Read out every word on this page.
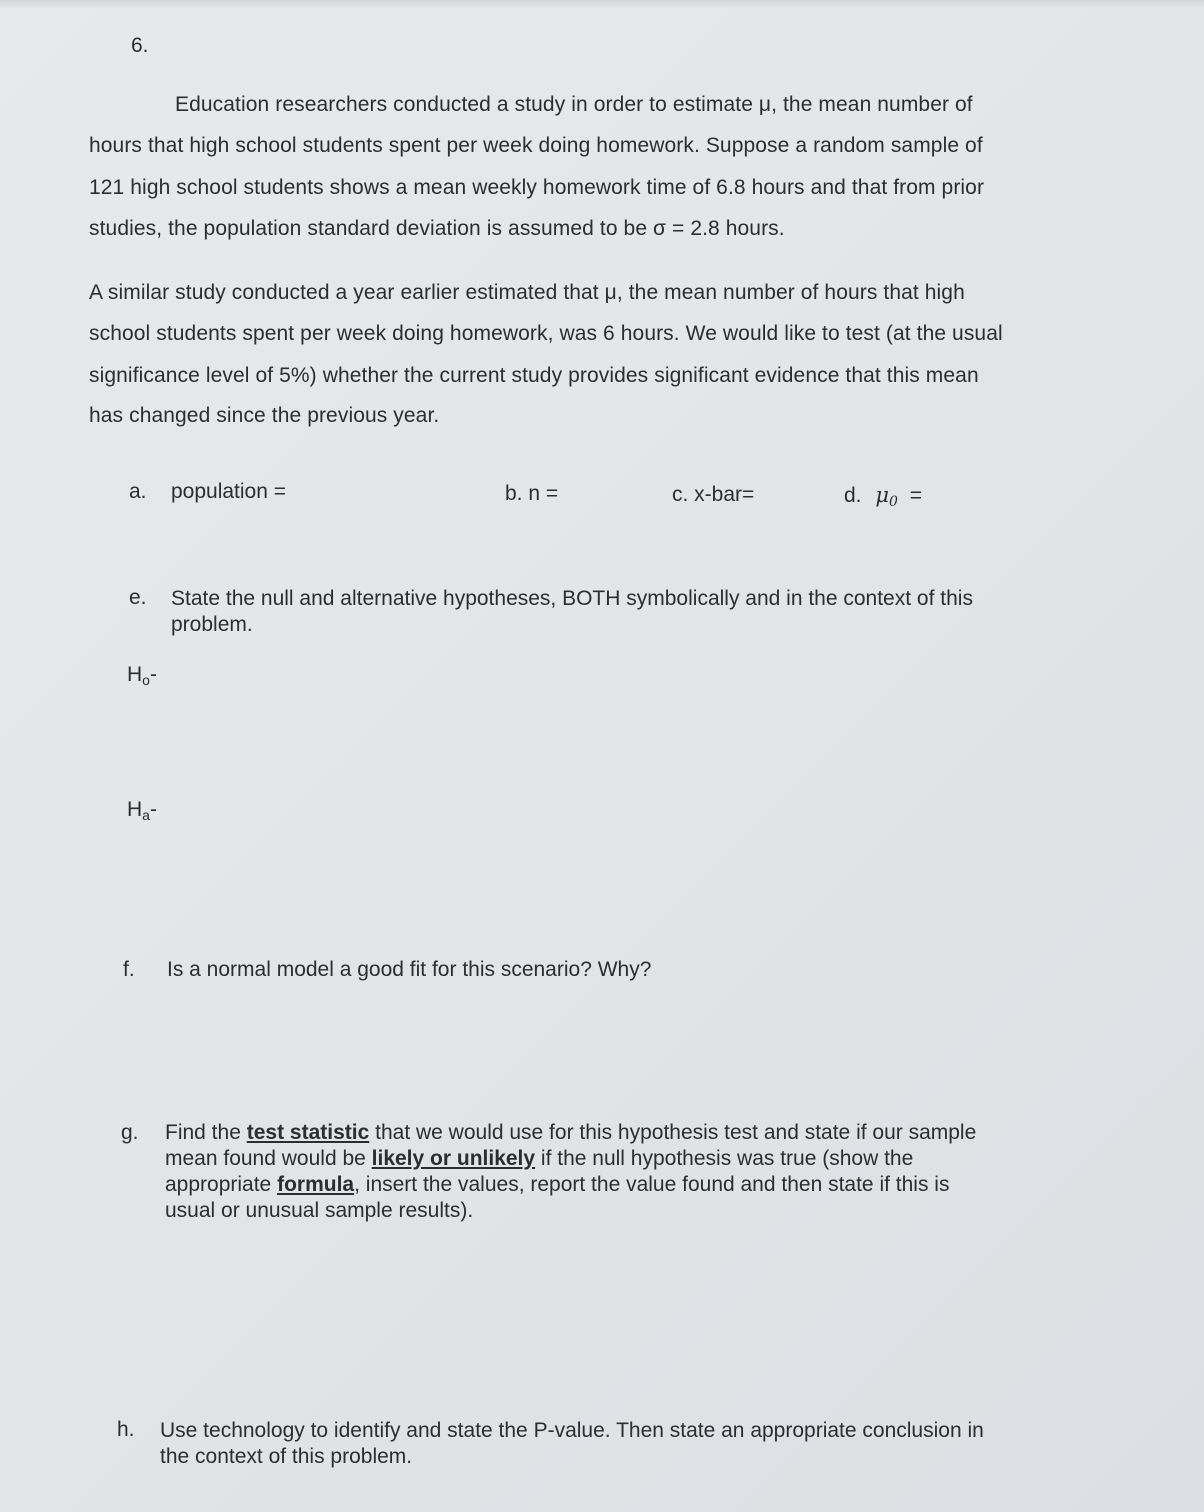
6.
Education researchers conducted a study in order to estimate μ, the mean number of
hours that high school students spent per week doing homework. Suppose a random sample of
121 high school students shows a mean weekly homework time of 6.8 hours and that from prior
studies, the population standard deviation is assumed to be σ = 2.8 hours.
A similar study conducted a year earlier estimated that μ, the mean number of hours that high
school students spent per week doing homework, was 6 hours. We would like to test (at the usual
significance level of 5%) whether the current study provides significant evidence that this mean
has changed since the previous year.
a. population =	b. n =	c. x-bar=	d. $\mu_0$ =
e. State the null and alternative hypotheses, BOTH symbolically and in the context of this
problem.
$H_o-$
$H_a-$
f. Is a normal model a good fit for this scenario? Why?
g. Find the test statistic that we would use for this hypothesis test and state if our sample
mean found would be likely or unlikely if the null hypothesis was true (show the
appropriate formula, insert the values, report the value found and then state if this is
usual or unusual sample results).
h. Use technology to identify and state the P-value. Then state an appropriate conclusion in
the context of this problem.
